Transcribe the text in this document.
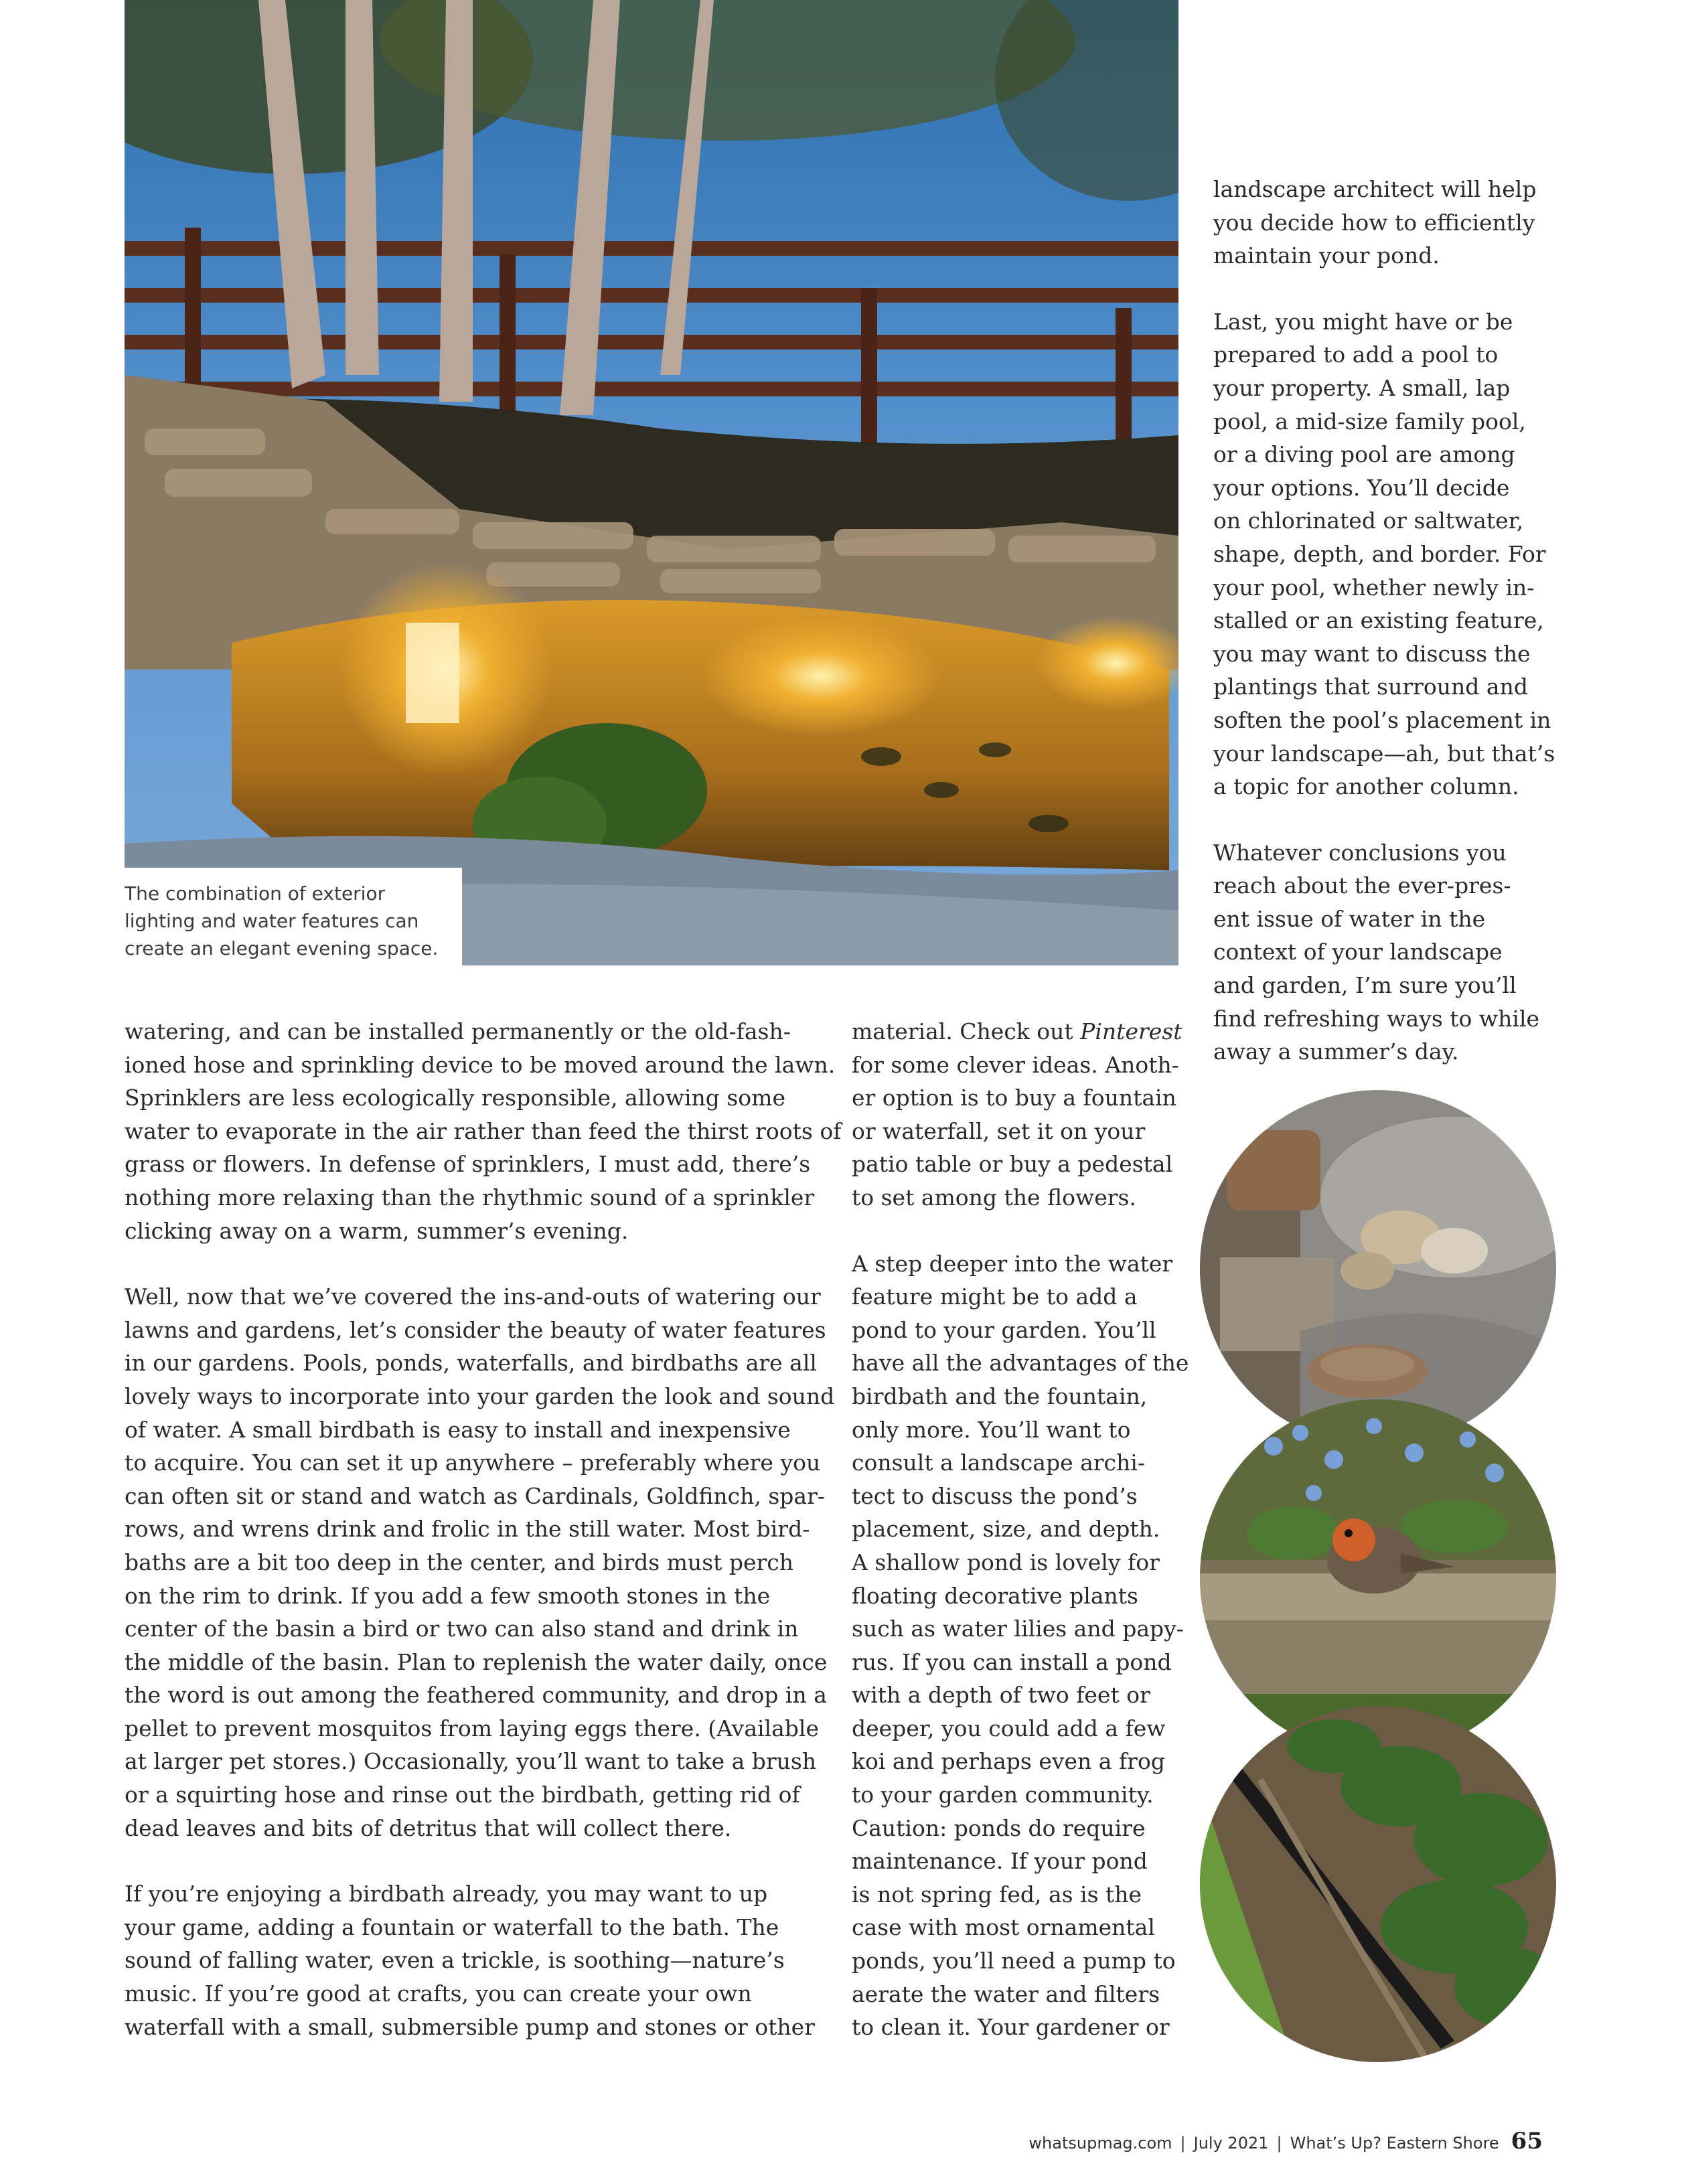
The combination of exterior
lighting and water features can
create an elegant evening space.

watering, and can be installed permanently or the old-fash-
ioned hose and sprinkling device to be moved around the lawn.
Sprinklers are less ecologically responsible, allowing some
water to evaporate in the air rather than feed the thirst roots of
grass or flowers. In defense of sprinklers, I must add, there’s
nothing more relaxing than the rhythmic sound of a sprinkler
clicking away on a warm, summer’s evening.

Well, now that we’ve covered the ins-and-outs of watering our
lawns and gardens, let’s consider the beauty of water features
in our gardens. Pools, ponds, waterfalls, and birdbaths are all
lovely ways to incorporate into your garden the look and sound
of water. A small birdbath is easy to install and inexpensive
to acquire. You can set it up anywhere – preferably where you
can often sit or stand and watch as Cardinals, Goldfinch, spar-
rows, and wrens drink and frolic in the still water. Most bird-
baths are a bit too deep in the center, and birds must perch
on the rim to drink. If you add a few smooth stones in the
center of the basin a bird or two can also stand and drink in
the middle of the basin. Plan to replenish the water daily, once
the word is out among the feathered community, and drop in a
pellet to prevent mosquitos from laying eggs there. (Available
at larger pet stores.) Occasionally, you’ll want to take a brush
or a squirting hose and rinse out the birdbath, getting rid of
dead leaves and bits of detritus that will collect there.

If you’re enjoying a birdbath already, you may want to up
your game, adding a fountain or waterfall to the bath. The
sound of falling water, even a trickle, is soothing—nature’s
music. If you’re good at crafts, you can create your own
waterfall with a small, submersible pump and stones or other

material. Check out Pinterest
for some clever ideas. Anoth-
er option is to buy a fountain
or waterfall, set it on your
patio table or buy a pedestal
to set among the flowers.

A step deeper into the water
feature might be to add a
pond to your garden. You’ll
have all the advantages of the
birdbath and the fountain,
only more. You’ll want to
consult a landscape archi-
tect to discuss the pond’s
placement, size, and depth.
A shallow pond is lovely for
floating decorative plants
such as water lilies and papy-
rus. If you can install a pond
with a depth of two feet or
deeper, you could add a few
koi and perhaps even a frog
to your garden community.
Caution: ponds do require
maintenance. If your pond
is not spring fed, as is the
case with most ornamental
ponds, you’ll need a pump to
aerate the water and filters
to clean it. Your gardener or

landscape architect will help
you decide how to efficiently
maintain your pond.

Last, you might have or be
prepared to add a pool to
your property. A small, lap
pool, a mid-size family pool,
or a diving pool are among
your options. You’ll decide
on chlorinated or saltwater,
shape, depth, and border. For
your pool, whether newly in-
stalled or an existing feature,
you may want to discuss the
plantings that surround and
soften the pool’s placement in
your landscape—ah, but that’s
a topic for another column.

Whatever conclusions you
reach about the ever-pres-
ent issue of water in the
context of your landscape
and garden, I’m sure you’ll
find refreshing ways to while
away a summer’s day.

whatsupmag.com | July 2021 | What’s Up? Eastern Shore 65
